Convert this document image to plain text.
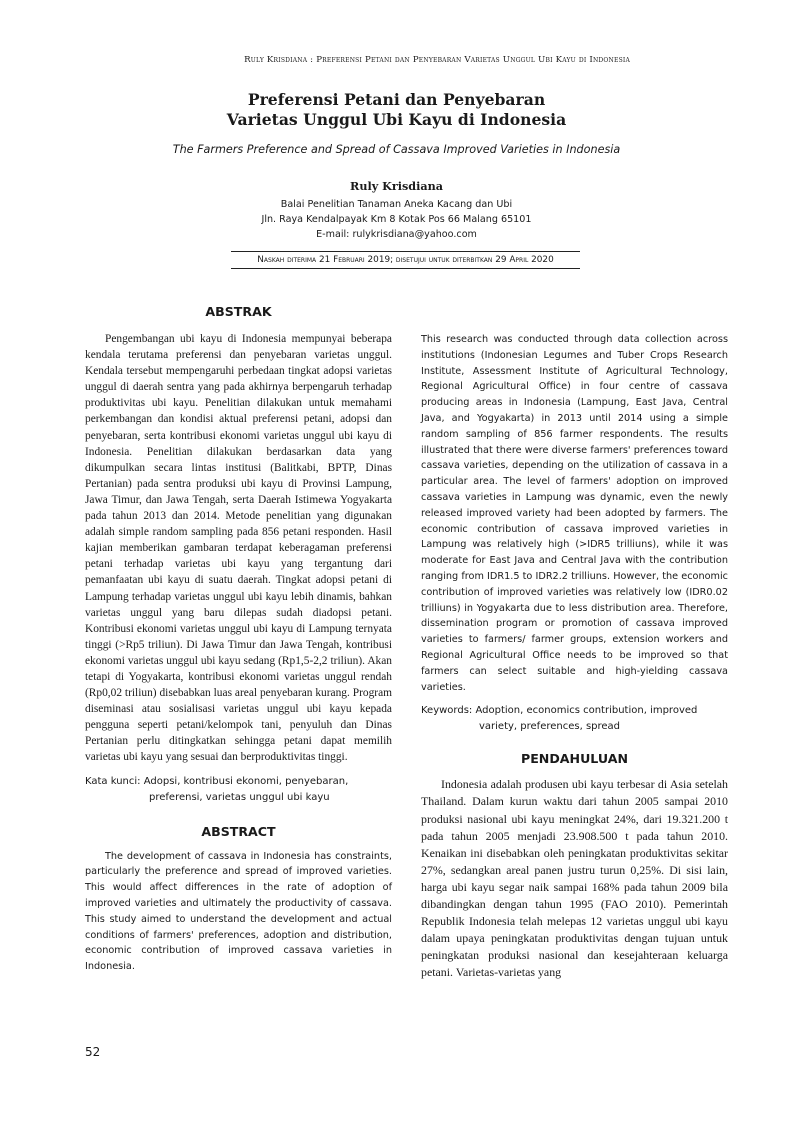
Ruly Krisdiana : Preferensi Petani dan Penyebaran Varietas Unggul Ubi Kayu di Indonesia
Preferensi Petani dan Penyebaran
Varietas Unggul Ubi Kayu di Indonesia
The Farmers Preference and Spread of Cassava Improved Varieties in Indonesia
Ruly Krisdiana
Balai Penelitian Tanaman Aneka Kacang dan Ubi
Jln. Raya Kendalpayak Km 8 Kotak Pos 66 Malang 65101
E-mail: rulykrisdiana@yahoo.com
Naskah diterima 21 Februari 2019; disetujui untuk diterbitkan 29 April 2020
ABSTRAK

Pengembangan ubi kayu di Indonesia mempunyai beberapa kendala terutama preferensi dan penyebaran varietas unggul. Kendala tersebut mempengaruhi perbedaan tingkat adopsi varietas unggul di daerah sentra yang pada akhirnya berpengaruh terhadap produktivitas ubi kayu. Penelitian dilakukan untuk memahami perkembangan dan kondisi aktual preferensi petani, adopsi dan penyebaran, serta kontribusi ekonomi varietas unggul ubi kayu di Indonesia. Penelitian dilakukan berdasarkan data yang dikumpulkan secara lintas institusi (Balitkabi, BPTP, Dinas Pertanian) pada sentra produksi ubi kayu di Provinsi Lampung, Jawa Timur, dan Jawa Tengah, serta Daerah Istimewa Yogyakarta pada tahun 2013 dan 2014. Metode penelitian yang digunakan adalah simple random sampling pada 856 petani responden. Hasil kajian memberikan gambaran terdapat keberagaman preferensi petani terhadap varietas ubi kayu yang tergantung dari pemanfaatan ubi kayu di suatu daerah. Tingkat adopsi petani di Lampung terhadap varietas unggul ubi kayu lebih dinamis, bahkan varietas unggul yang baru dilepas sudah diadopsi petani. Kontribusi ekonomi varietas unggul ubi kayu di Lampung ternyata tinggi (>Rp5 triliun). Di Jawa Timur dan Jawa Tengah, kontribusi ekonomi varietas unggul ubi kayu sedang (Rp1,5-2,2 triliun). Akan tetapi di Yogyakarta, kontribusi ekonomi varietas unggul rendah (Rp0,02 triliun) disebabkan luas areal penyebaran kurang. Program diseminasi atau sosialisasi varietas unggul ubi kayu kepada pengguna seperti petani/kelompok tani, penyuluh dan Dinas Pertanian perlu ditingkatkan sehingga petani dapat memilih varietas ubi kayu yang sesuai dan berproduktivitas tinggi.

Kata kunci: Adopsi, kontribusi ekonomi, penyebaran, preferensi, varietas unggul ubi kayu

ABSTRACT

The development of cassava in Indonesia has constraints, particularly the preference and spread of improved varieties. This would affect differences in the rate of adoption of improved varieties and ultimately the productivity of cassava. This study aimed to understand the development and actual conditions of farmers' preferences, adoption and distribution, economic contribution of improved cassava varieties in Indonesia.

This research was conducted through data collection across institutions (Indonesian Legumes and Tuber Crops Research Institute, Assessment Institute of Agricultural Technology, Regional Agricultural Office) in four centre of cassava producing areas in Indonesia (Lampung, East Java, Central Java, and Yogyakarta) in 2013 until 2014 using a simple random sampling of 856 farmer respondents. The results illustrated that there were diverse farmers' preferences toward cassava varieties, depending on the utilization of cassava in a particular area. The level of farmers' adoption on improved cassava varieties in Lampung was dynamic, even the newly released improved variety had been adopted by farmers. The economic contribution of cassava improved varieties in Lampung was relatively high (>IDR5 trilliuns), while it was moderate for East Java and Central Java with the contribution ranging from IDR1.5 to IDR2.2 trilliuns. However, the economic contribution of improved varieties was relatively low (IDR0.02 trilliuns) in Yogyakarta due to less distribution area. Therefore, dissemination program or promotion of cassava improved varieties to farmers/ farmer groups, extension workers and Regional Agricultural Office needs to be improved so that farmers can select suitable and high-yielding cassava varieties.

Keywords: Adoption, economics contribution, improved variety, preferences, spread

PENDAHULUAN

Indonesia adalah produsen ubi kayu terbesar di Asia setelah Thailand. Dalam kurun waktu dari tahun 2005 sampai 2010 produksi nasional ubi kayu meningkat 24%, dari 19.321.200 t pada tahun 2005 menjadi 23.908.500 t pada tahun 2010. Kenaikan ini disebabkan oleh peningkatan produktivitas sekitar 27%, sedangkan areal panen justru turun 0,25%. Di sisi lain, harga ubi kayu segar naik sampai 168% pada tahun 2009 bila dibandingkan dengan tahun 1995 (FAO 2010). Pemerintah Republik Indonesia telah melepas 12 varietas unggul ubi kayu dalam upaya peningkatan produktivitas dengan tujuan untuk peningkatan produksi nasional dan kesejahteraan keluarga petani. Varietas-varietas yang

52
